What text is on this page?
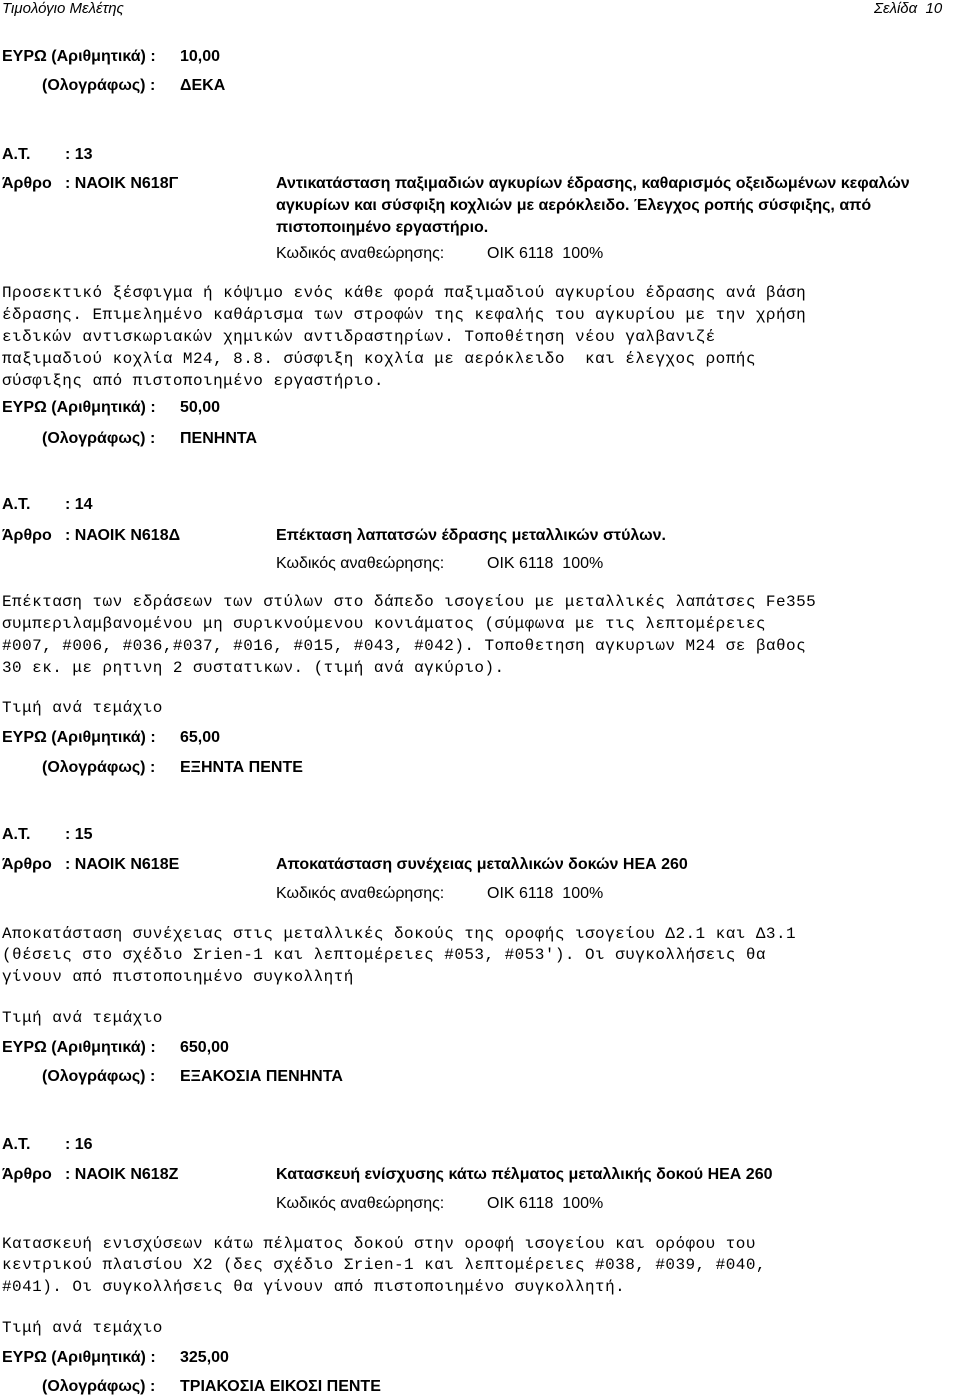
Τιμολόγιο Μελέτης	Σελίδα  10
ΕΥΡΩ (Αριθμητικά) : 10,00
(Ολογράφως) : ΔΕΚΑ
Α.Τ. : 13
Άρθρο : ΝΑΟΙΚ Ν618Γ	Αντικατάσταση παξιμαδιών αγκυρίων έδρασης, καθαρισμός οξειδωμένων κεφαλών αγκυρίων και σύσφιξη κοχλιών με αερόκλειδο. Έλεγχος ροπής σύσφιξης, από πιστοποιημένο εργαστήριο.
Κωδικός αναθεώρησης:	ΟΙΚ 6118  100%
Προσεκτικό ξέσφιγμα ή κόψιμο ενός κάθε φορά παξιμαδιού αγκυρίου έδρασης ανά βάση
έδρασης. Επιμελημένο καθάρισμα των στροφών της κεφαλής του αγκυρίου με την χρήση
ειδικών αντισκωριακών χημικών αντιδραστηρίων. Τοποθέτηση νέου γαλβανιζέ
παξιμαδιού κοχλία Μ24, 8.8. σύσφιξη κοχλία με αερόκλειδο  και έλεγχος ροπής
σύσφιξης από πιστοποιημένο εργαστήριο.
ΕΥΡΩ (Αριθμητικά) : 50,00
(Ολογράφως) : ΠΕΝΗΝΤΑ
Α.Τ. : 14
Άρθρο : ΝΑΟΙΚ Ν618Δ	Επέκταση λαπατσών έδρασης μεταλλικών στύλων.
Κωδικός αναθεώρησης:	ΟΙΚ 6118  100%
Επέκταση των εδράσεων των στύλων στο δάπεδο ισογείου με μεταλλικές λαπάτσες Fe355
συμπεριλαμβανομένου μη συρικνούμενου κονιάματος (σύμφωνα με τις λεπτομέρειες
#007, #006, #036,#037, #016, #015, #043, #042). Τοποθετηση αγκυριων Μ24 σε βαθος
30 εκ. με ρητινη 2 συστατικων. (τιμή ανά αγκύριο).
Τιμή ανά τεμάχιο
ΕΥΡΩ (Αριθμητικά) : 65,00
(Ολογράφως) : ΕΞΗΝΤΑ ΠΕΝΤΕ
Α.Τ. : 15
Άρθρο : ΝΑΟΙΚ Ν618Ε	Αποκατάσταση συνέχειας μεταλλικών δοκών ΗΕΑ 260
Κωδικός αναθεώρησης:	ΟΙΚ 6118  100%
Αποκατάσταση συνέχειας στις μεταλλικές δοκούς της οροφής ισογείου Δ2.1 και Δ3.1
(θέσεις στο σχέδιο Σrien-1 και λεπτομέρειες #053, #053'). Οι συγκολλήσεις θα
γίνουν από πιστοποιημένο συγκολλητή
Τιμή ανά τεμάχιο
ΕΥΡΩ (Αριθμητικά) : 650,00
(Ολογράφως) : ΕΞΑΚΟΣΙΑ ΠΕΝΗΝΤΑ
Α.Τ. : 16
Άρθρο : ΝΑΟΙΚ Ν618Ζ	Κατασκευή ενίσχυσης κάτω πέλματος μεταλλικής δοκού ΗΕΑ 260
Κωδικός αναθεώρησης:	ΟΙΚ 6118  100%
Κατασκευή ενισχύσεων κάτω πέλματος δοκού στην οροφή ισογείου και ορόφου του
κεντρικού πλαισίου Χ2 (δες σχέδιο Σrien-1 και λεπτομέρειες #038, #039, #040,
#041). Οι συγκολλήσεις θα γίνουν από πιστοποιημένο συγκολλητή.
Τιμή ανά τεμάχιο
ΕΥΡΩ (Αριθμητικά) : 325,00
(Ολογράφως) : ΤΡΙΑΚΟΣΙΑ ΕΙΚΟΣΙ ΠΕΝΤΕ
